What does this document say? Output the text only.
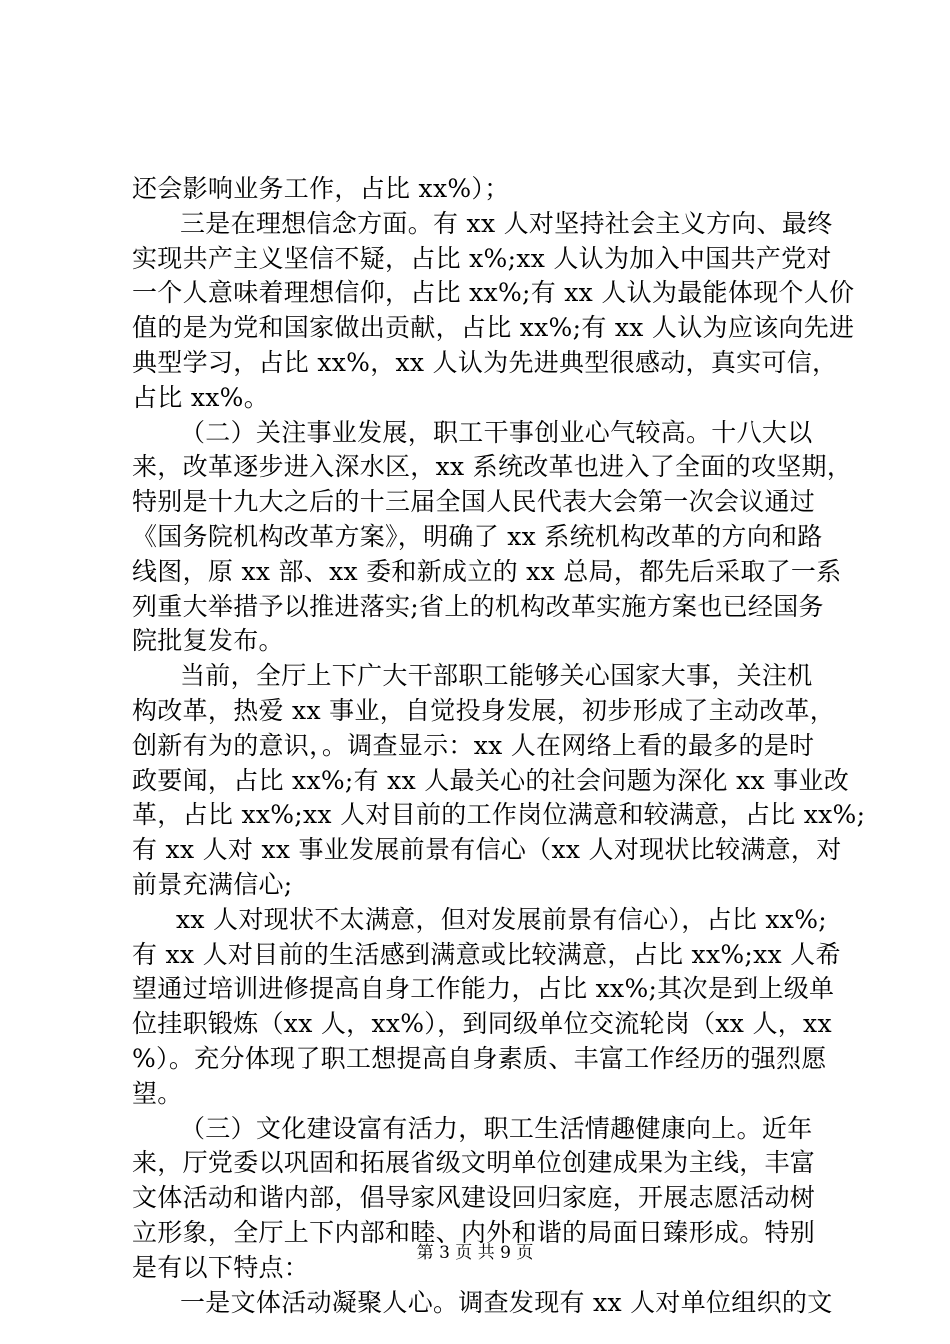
还会影响业务工作，占比 xx%）；
三是在理想信念方面。有 xx 人对坚持社会主义方向、最终
实现共产主义坚信不疑，占比 x%;xx 人认为加入中国共产党对
一个人意味着理想信仰，占比 xx%;有 xx 人认为最能体现个人价
值的是为党和国家做出贡献，占比 xx%;有 xx 人认为应该向先进
典型学习，占比 xx%，xx 人认为先进典型很感动，真实可信，
占比 xx%。
（二）关注事业发展，职工干事创业心气较高。十八大以
来，改革逐步进入深水区，xx 系统改革也进入了全面的攻坚期，
特别是十九大之后的十三届全国人民代表大会第一次会议通过
《国务院机构改革方案》，明确了 xx 系统机构改革的方向和路
线图，原 xx 部、xx 委和新成立的 xx 总局，都先后采取了一系
列重大举措予以推进落实;省上的机构改革实施方案也已经国务
院批复发布。
当前，全厅上下广大干部职工能够关心国家大事，关注机
构改革，热爱 xx 事业，自觉投身发展，初步形成了主动改革，
创新有为的意识，。调查显示：xx 人在网络上看的最多的是时
政要闻，占比 xx%;有 xx 人最关心的社会问题为深化 xx 事业改
革，占比 xx%;xx 人对目前的工作岗位满意和较满意，占比 xx%;
有 xx 人对 xx 事业发展前景有信心（xx 人对现状比较满意，对
前景充满信心;
xx 人对现状不太满意，但对发展前景有信心），占比 xx%;
有 xx 人对目前的生活感到满意或比较满意，占比 xx%;xx 人希
望通过培训进修提高自身工作能力，占比 xx%;其次是到上级单
位挂职锻炼（xx 人，xx%），到同级单位交流轮岗（xx 人，xx
%）。充分体现了职工想提高自身素质、丰富工作经历的强烈愿
望。
（三）文化建设富有活力，职工生活情趣健康向上。近年
来，厅党委以巩固和拓展省级文明单位创建成果为主线，丰富
文体活动和谐内部，倡导家风建设回归家庭，开展志愿活动树
立形象，全厅上下内部和睦、内外和谐的局面日臻形成。特别
是有以下特点：
一是文体活动凝聚人心。调查发现有 xx 人对单位组织的文
第 3 页 共 9 页
